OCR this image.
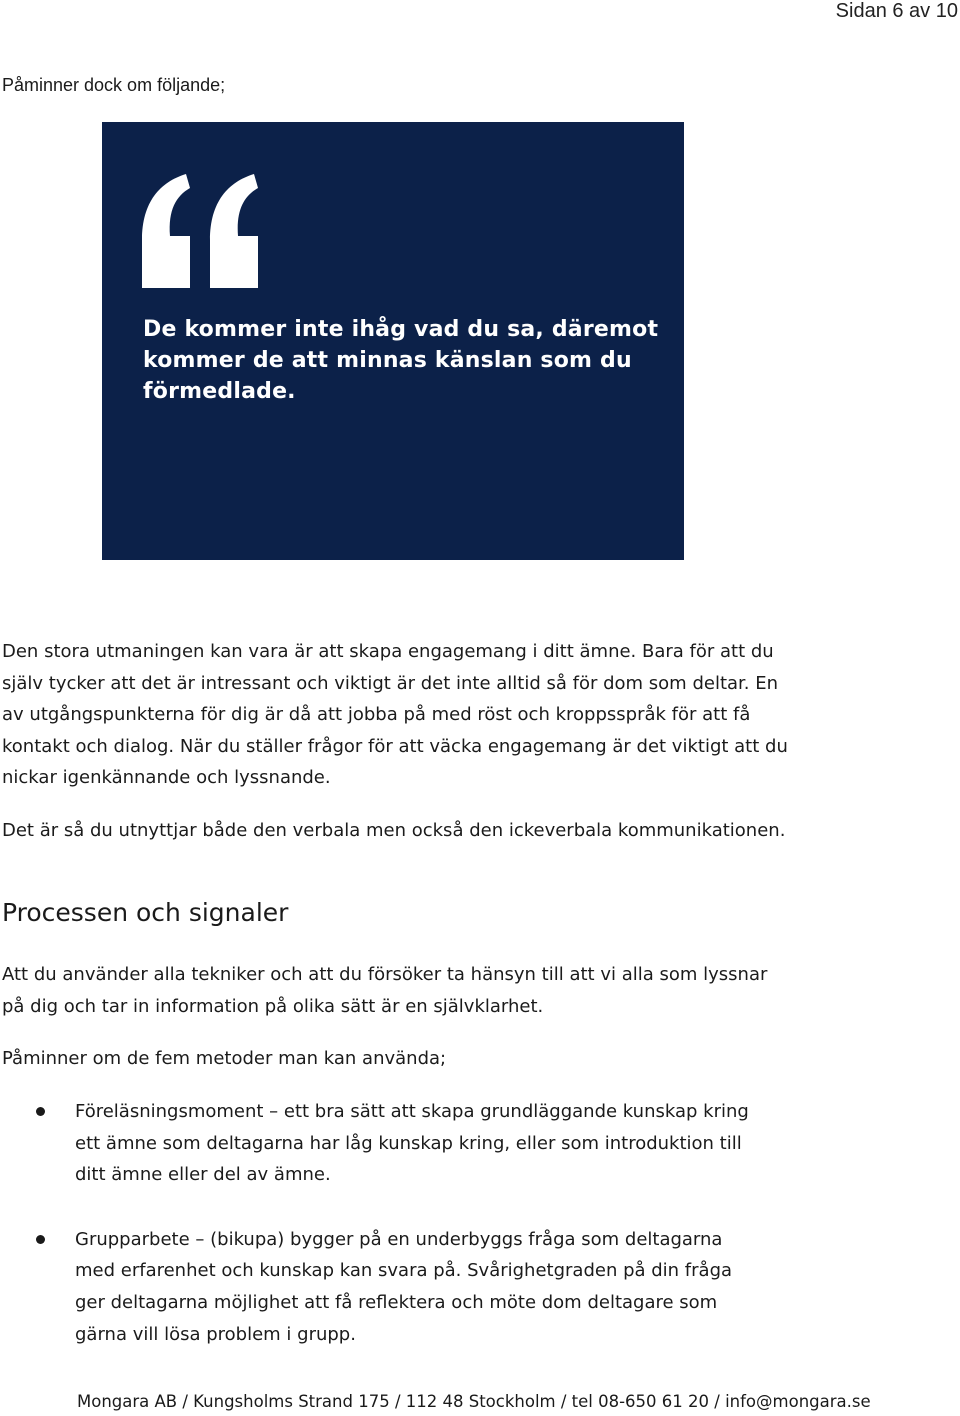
Sidan 6 av 10
Påminner dock om följande;
De kommer inte ihåg vad du sa, däremot kommer de att minnas känslan som du förmedlade.
Den stora utmaningen kan vara är att skapa engagemang i ditt ämne. Bara för att du själv tycker att det är intressant och viktigt är det inte alltid så för dom som deltar. En av utgångspunkterna för dig är då att jobba på med röst och kroppsspråk för att få kontakt och dialog. När du ställer frågor för att väcka engagemang är det viktigt att du nickar igenkännande och lyssnande.
Det är så du utnyttjar både den verbala men också den ickeverbala kommunikationen.
Processen och signaler
Att du använder alla tekniker och att du försöker ta hänsyn till att vi alla som lyssnar på dig och tar in information på olika sätt är en självklarhet.
Påminner om de fem metoder man kan använda;
Föreläsningsmoment – ett bra sätt att skapa grundläggande kunskap kring ett ämne som deltagarna har låg kunskap kring, eller som introduktion till ditt ämne eller del av ämne.
Grupparbete – (bikupa) bygger på en underbyggs fråga som deltagarna med erfarenhet och kunskap kan svara på. Svårighetgraden på din fråga ger deltagarna möjlighet att få reflektera och möte dom deltagare som gärna vill lösa problem i grupp.
Mongara AB / Kungsholms Strand 175 / 112 48 Stockholm / tel 08-650 61 20 / info@mongara.se
